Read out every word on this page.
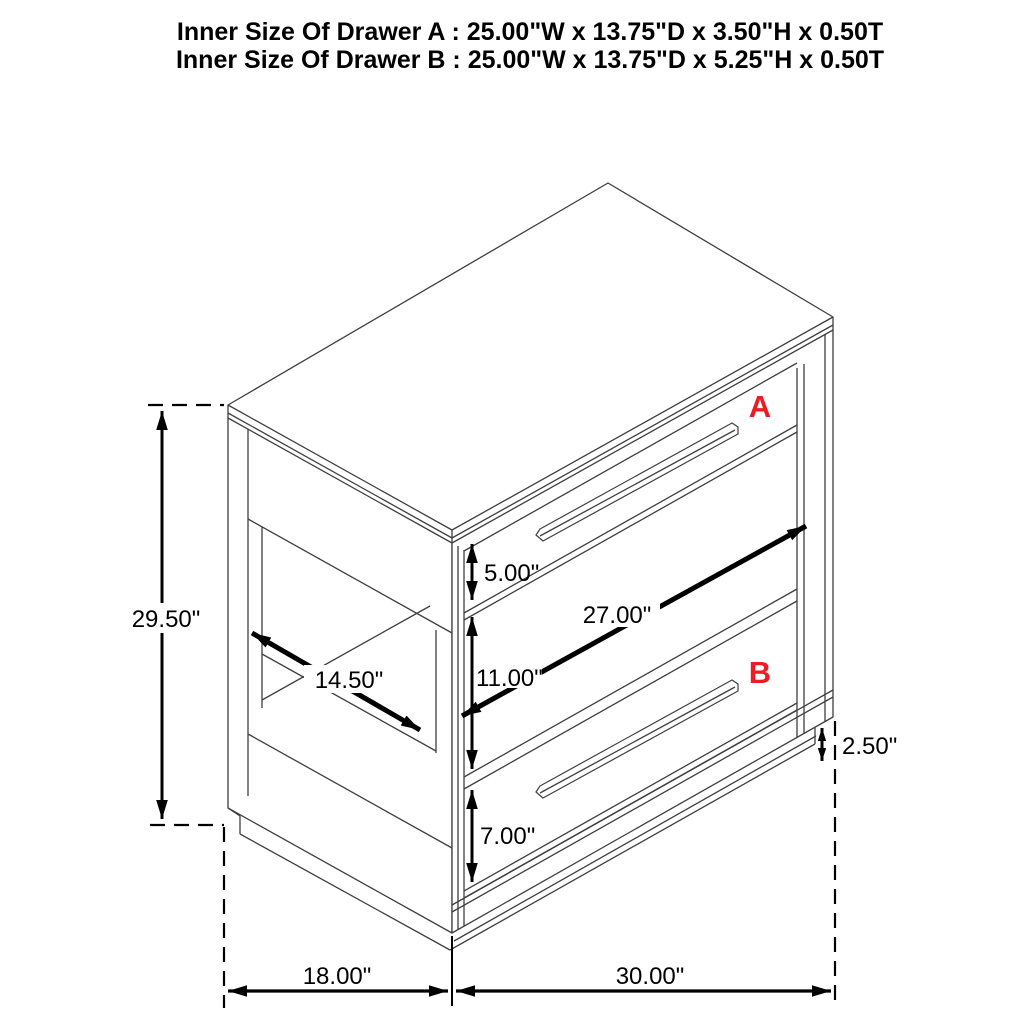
Inner Size Of Drawer A : 25.00"W x 13.75"D x 3.50"H x 0.50T
Inner Size Of Drawer B : 25.00"W x 13.75"D x 5.25"H x 0.50T
29.50"
5.00"
11.00"
7.00"
27.00"
14.50"
2.50"
18.00"	30.00"
A
B
